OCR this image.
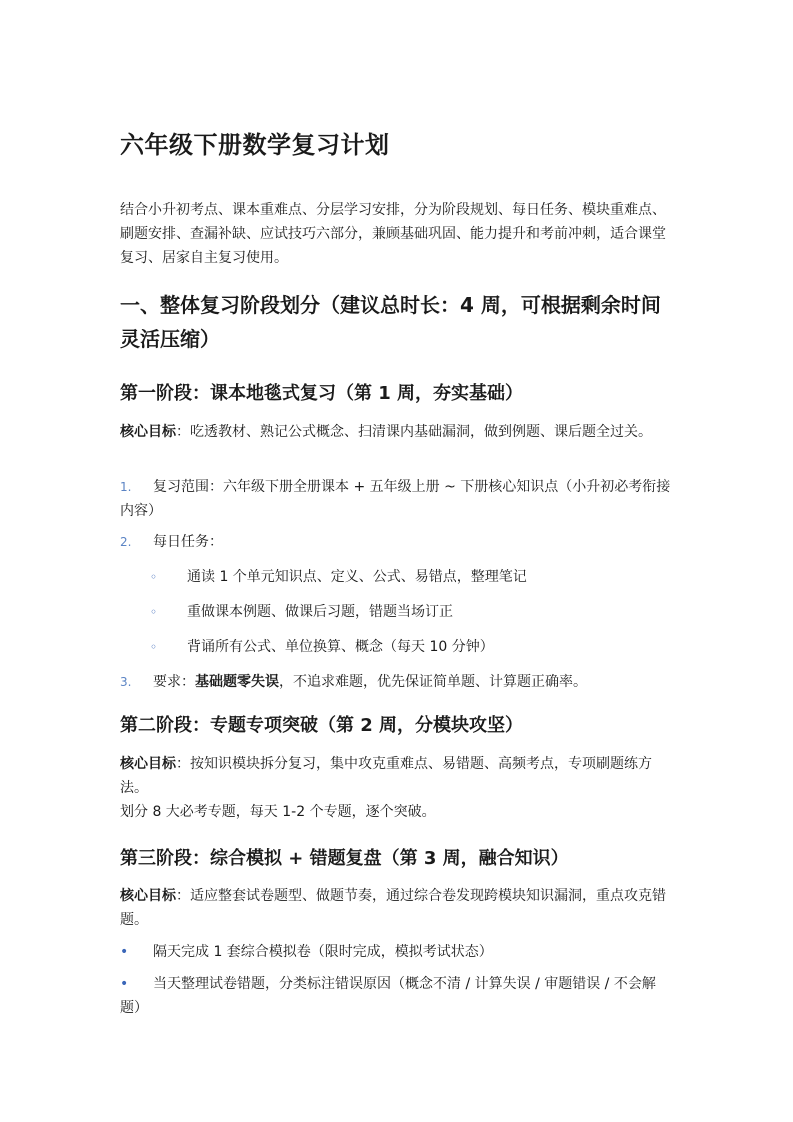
六年级下册数学复习计划

结合小升初考点、课本重难点、分层学习安排，分为阶段规划、每日任务、模块重难点、刷题安排、查漏补缺、应试技巧六部分，兼顾基础巩固、能力提升和考前冲刺，适合课堂复习、居家自主复习使用。

一、整体复习阶段划分（建议总时长：4 周，可根据剩余时间灵活压缩）
第一阶段：课本地毯式复习（第 1 周，夯实基础）

核心目标：吃透教材、熟记公式概念、扫清课内基础漏洞，做到例题、课后题全过关。

1. 复习范围：六年级下册全册课本 + 五年级上册 ~ 下册核心知识点（小升初必考衔接内容）

2. 每日任务：

◦ 通读 1 个单元知识点、定义、公式、易错点，整理笔记

◦ 重做课本例题、做课后习题，错题当场订正

◦ 背诵所有公式、单位换算、概念（每天 10 分钟）

3. 要求：基础题零失误，不追求难题，优先保证简单题、计算题正确率。

第二阶段：专题专项突破（第 2 周，分模块攻坚）

核心目标：按知识模块拆分复习，集中攻克重难点、易错题、高频考点，专项刷题练方法。

划分 8 大必考专题，每天 1-2 个专题，逐个突破。

第三阶段：综合模拟 + 错题复盘（第 3 周，融合知识）

核心目标：适应整套试卷题型、做题节奏，通过综合卷发现跨模块知识漏洞，重点攻克错题。

• 隔天完成 1 套综合模拟卷（限时完成，模拟考试状态）

• 当天整理试卷错题，分类标注错误原因（概念不清 / 计算失误 / 审题错误 / 不会解题）
